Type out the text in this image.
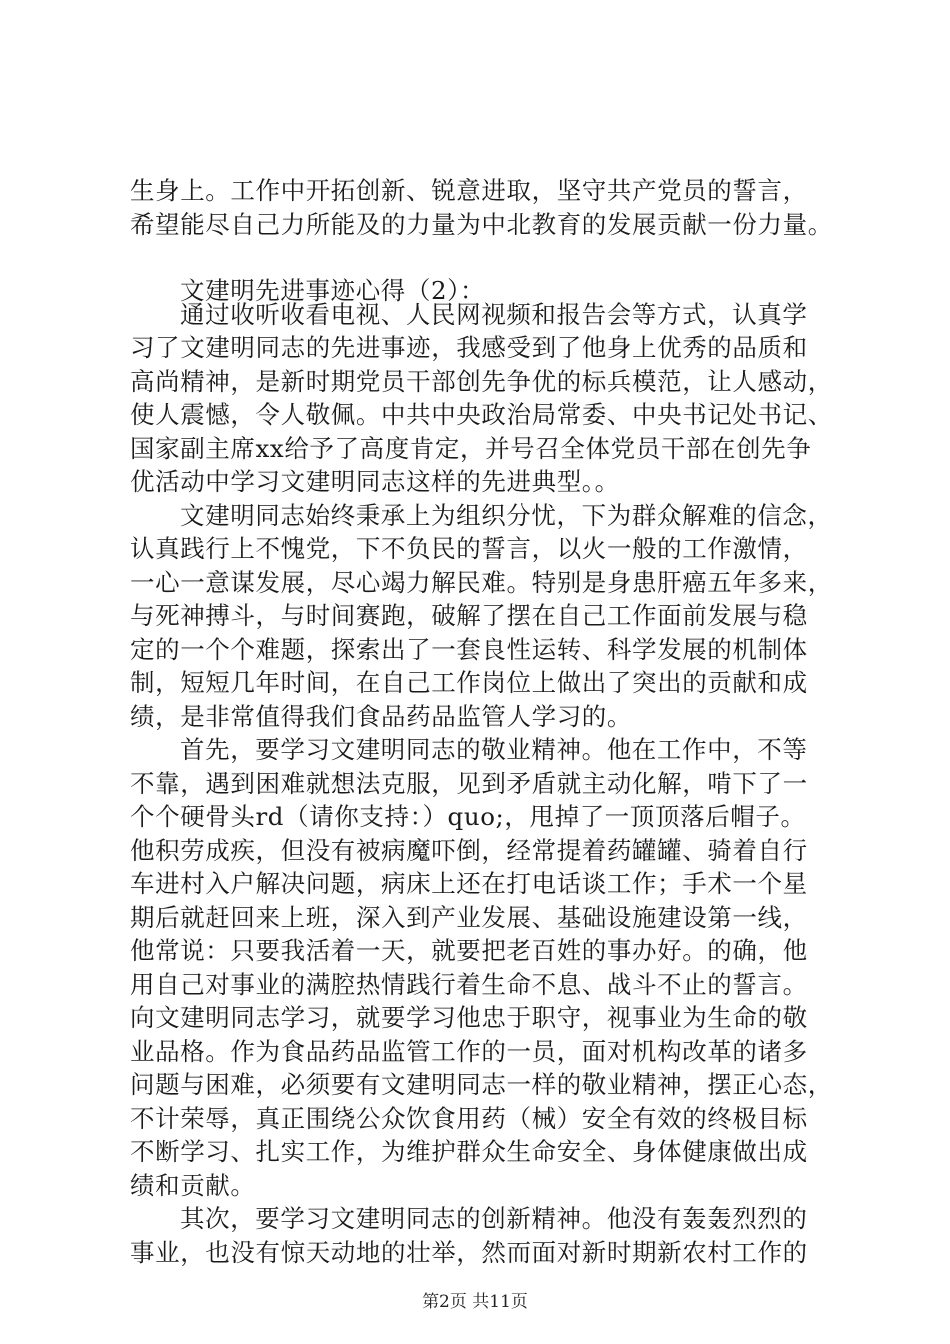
生身上。工作中开拓创新、锐意进取，坚守共产党员的誓言，
希望能尽自己力所能及的力量为中北教育的发展贡献一份力量。
文建明先进事迹心得（2）：
通过收听收看电视、人民网视频和报告会等方式，认真学
习了文建明同志的先进事迹，我感受到了他身上优秀的品质和
高尚精神，是新时期党员干部创先争优的标兵模范，让人感动，
使人震憾，令人敬佩。中共中央政治局常委、中央书记处书记、
国家副主席xx给予了高度肯定，并号召全体党员干部在创先争
优活动中学习文建明同志这样的先进典型。。
文建明同志始终秉承上为组织分忧，下为群众解难的信念，
认真践行上不愧党，下不负民的誓言，以火一般的工作激情，
一心一意谋发展，尽心竭力解民难。特别是身患肝癌五年多来，
与死神搏斗，与时间赛跑，破解了摆在自己工作面前发展与稳
定的一个个难题，探索出了一套良性运转、科学发展的机制体
制，短短几年时间，在自己工作岗位上做出了突出的贡献和成
绩，是非常值得我们食品药品监管人学习的。
首先，要学习文建明同志的敬业精神。他在工作中，不等
不靠，遇到困难就想法克服，见到矛盾就主动化解，啃下了一
个个硬骨头rd（请你支持：）quo;，甩掉了一顶顶落后帽子。
他积劳成疾，但没有被病魔吓倒，经常提着药罐罐、骑着自行
车进村入户解决问题，病床上还在打电话谈工作；手术一个星
期后就赶回来上班，深入到产业发展、基础设施建设第一线，
他常说：只要我活着一天，就要把老百姓的事办好。的确，他
用自己对事业的满腔热情践行着生命不息、战斗不止的誓言。
向文建明同志学习，就要学习他忠于职守，视事业为生命的敬
业品格。作为食品药品监管工作的一员，面对机构改革的诸多
问题与困难，必须要有文建明同志一样的敬业精神，摆正心态，
不计荣辱，真正围绕公众饮食用药（械）安全有效的终极目标
不断学习、扎实工作，为维护群众生命安全、身体健康做出成
绩和贡献。
其次，要学习文建明同志的创新精神。他没有轰轰烈烈的
事业，也没有惊天动地的壮举，然而面对新时期新农村工作的
第2页 共11页
